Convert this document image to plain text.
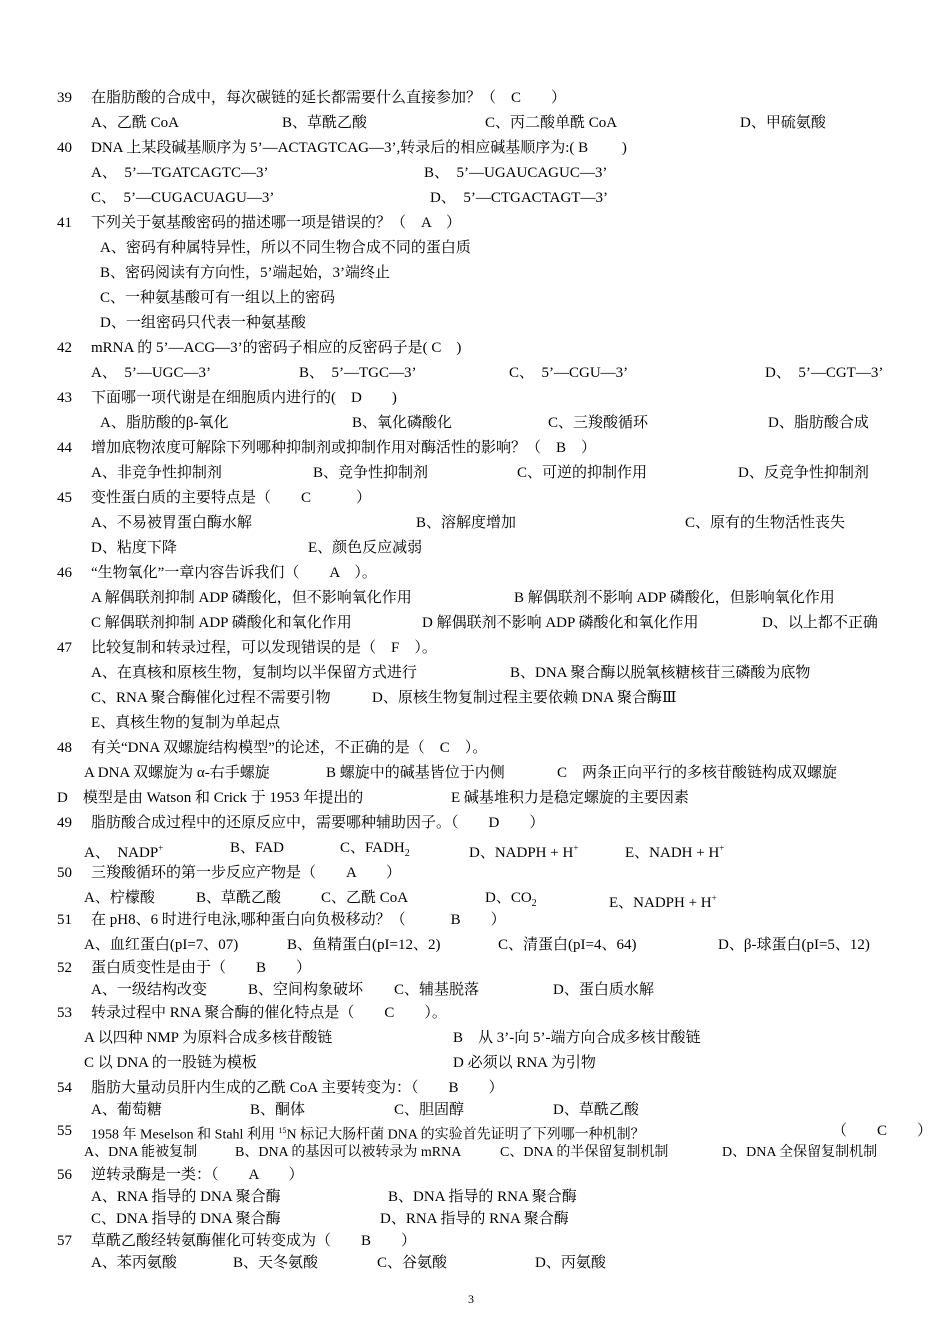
39 在脂肪酸的合成中，每次碳链的延长都需要什么直接参加？（　C　　）
A、乙酰 CoA	B、草酰乙酸	C、丙二酸单酰 CoA	D、甲硫氨酸
40 DNA 上某段碱基顺序为 5’—ACTAGTCAG—3’,转录后的相应碱基顺序为:( B　　 )
A、　5’—TGATCAGTC—3’	B、　5’—UGAUCAGUC—3’
C、　5’—CUGACUAGU—3’	D、　5’—CTGACTAGT—3’
41 下列关于氨基酸密码的描述哪一项是错误的？（　A　）
A、密码有种属特异性，所以不同生物合成不同的蛋白质
B、密码阅读有方向性，5’端起始，3’端终止
C、一种氨基酸可有一组以上的密码
D、一组密码只代表一种氨基酸
42 mRNA 的 5’—ACG—3’的密码子相应的反密码子是( C　)
A、　5’—UGC—3’	B、　5’—TGC—3’	C、　5’—CGU—3’	D、　5’—CGT—3’
43 下面哪一项代谢是在细胞质内进行的(　D　　)
A、脂肪酸的β-氧化	B、氧化磷酸化	C、三羧酸循环	D、脂肪酸合成
44 增加底物浓度可解除下列哪种抑制剂或抑制作用对酶活性的影响？（　B　）
A、非竞争性抑制剂	B、竞争性抑制剂	C、可逆的抑制作用	D、反竞争性抑制剂
45 变性蛋白质的主要特点是（　　C　　　）
A、不易被胃蛋白酶水解	B、溶解度增加	C、原有的生物活性丧失
D、粘度下降	E、颜色反应减弱
46 “生物氧化”一章内容告诉我们（　　A　）。
A 解偶联剂抑制 ADP 磷酸化，但不影响氧化作用	B 解偶联剂不影响 ADP 磷酸化，但影响氧化作用
C 解偶联剂抑制 ADP 磷酸化和氧化作用	D 解偶联剂不影响 ADP 磷酸化和氧化作用	D、以上都不正确
47 比较复制和转录过程，可以发现错误的是（　F　）。
A、在真核和原核生物，复制均以半保留方式进行	B、DNA 聚合酶以脱氧核糖核苷三磷酸为底物
C、RNA 聚合酶催化过程不需要引物	D、原核生物复制过程主要依赖 DNA 聚合酶Ⅲ
E、真核生物的复制为单起点
48 有关“DNA 双螺旋结构模型”的论述，不正确的是（　C　）。
A DNA 双螺旋为 α-右手螺旋	B 螺旋中的碱基皆位于内侧	C　两条正向平行的多核苷酸链构成双螺旋
D　模型是由 Watson 和 Crick 于 1953 年提出的	E 碱基堆积力是稳定螺旋的主要因素
49 脂肪酸合成过程中的还原反应中，需要哪种辅助因子。（　　D　　）
A、　NADP+	B、FAD	C、$FADH_2$	D、NADPH + H+	E、NADH + H+
50 三羧酸循环的第一步反应产物是（　　A　　）
A、柠檬酸	B、草酰乙酸	C、乙酰 CoA	D、$CO_2$	E、NADPH + H+
51 在 pH8、6 时进行电泳,哪种蛋白向负极移动？（　　　B　　）
A、血红蛋白(pI=7、07)	B、鱼精蛋白(pI=12、2)	C、清蛋白(pI=4、64)	D、β-球蛋白(pI=5、12)
52 蛋白质变性是由于（　　B　　）
A、一级结构改变	B、空间构象破坏 C、辅基脱落	D、蛋白质水解
53 转录过程中 RNA 聚合酶的催化特点是（　　C　　）。
A 以四种 NMP 为原料合成多核苷酸链	B　从 3’-向 5’-端方向合成多核甘酸链
C 以 DNA 的一股链为模板	D 必须以 RNA 为引物
54 脂肪大量动员肝内生成的乙酰 CoA 主要转变为：（　　B　　）
A、葡萄糖	B、酮体	C、胆固醇	D、草酰乙酸
55 1958 年 Meselson 和 Stahl 利用 $^{15}$N 标记大肠杆菌 DNA 的实验首先证明了下列哪一种机制？	（　　C　　）
A、DNA 能被复制	B、DNA 的基因可以被转录为 mRNA	C、DNA 的半保留复制机制	D、DNA 全保留复制机制
56 逆转录酶是一类：（　　A　　）
A、RNA 指导的 DNA 聚合酶	B、DNA 指导的 RNA 聚合酶
C、DNA 指导的 DNA 聚合酶	D、RNA 指导的 RNA 聚合酶
57 草酰乙酸经转氨酶催化可转变成为（　　B　　）
A、苯丙氨酸	B、天冬氨酸	C、谷氨酸	D、丙氨酸
3
